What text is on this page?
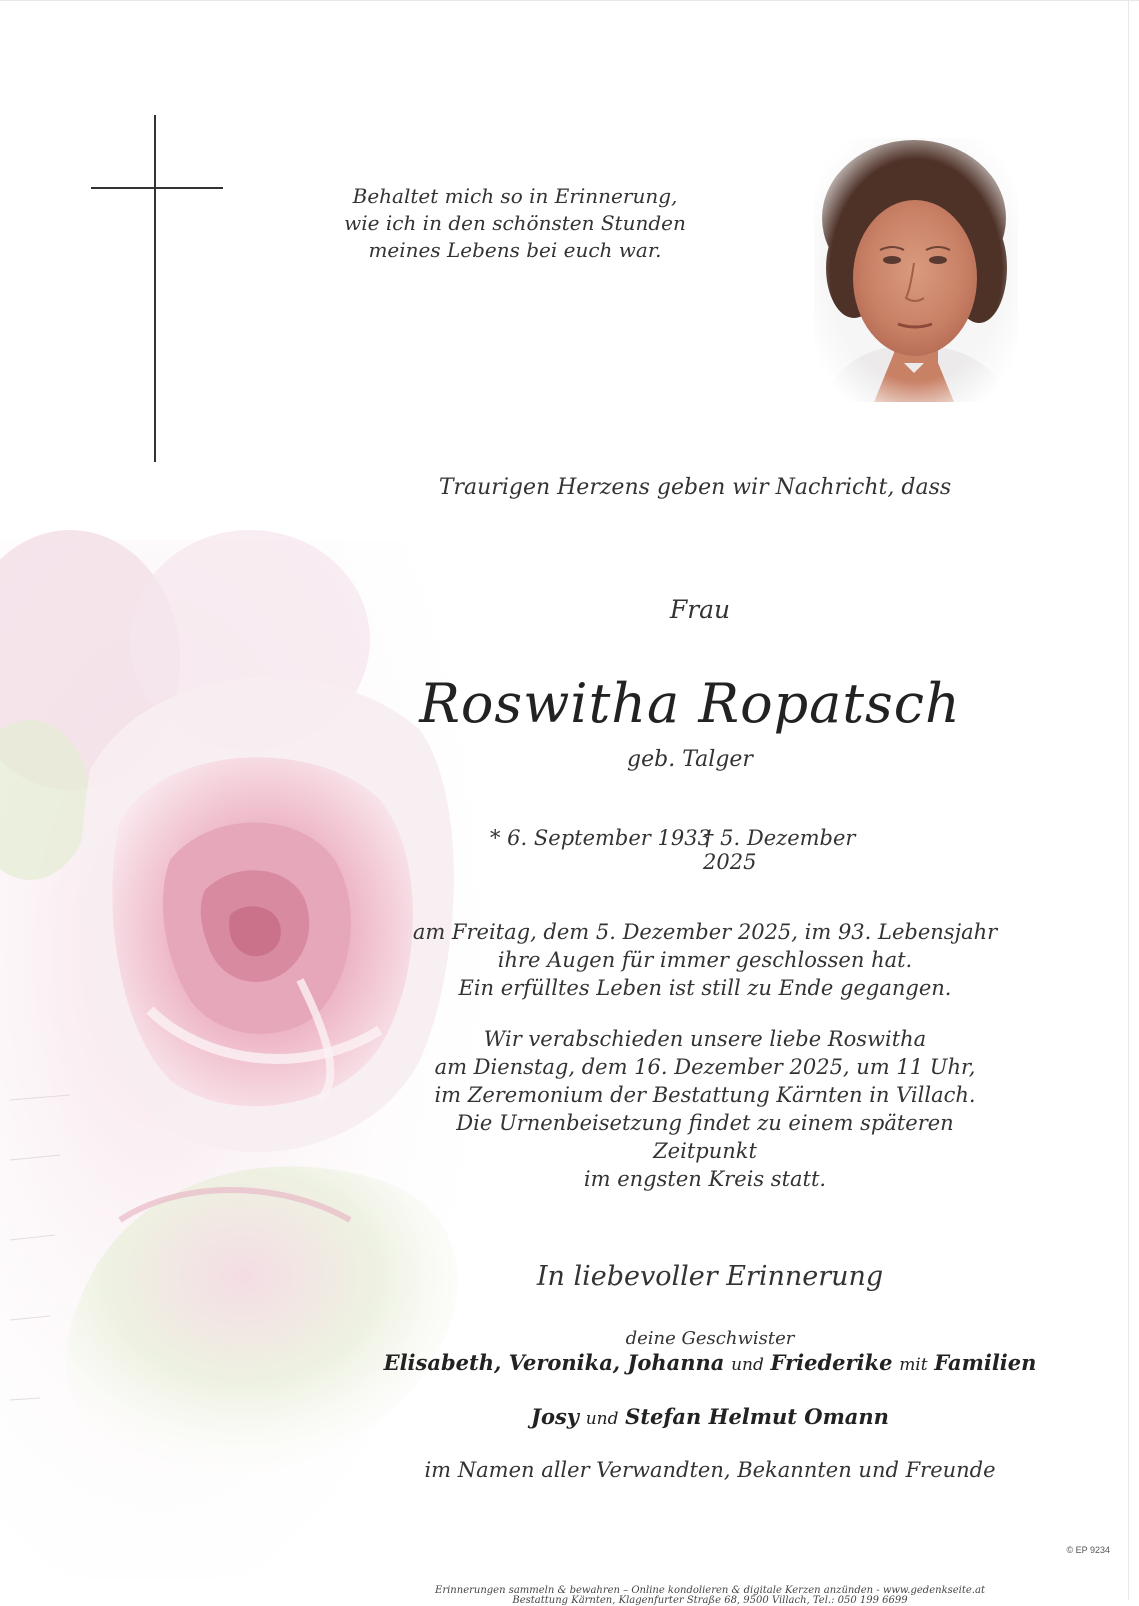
Behaltet mich so in Erinnerung,
wie ich in den schönsten Stunden
meines Lebens bei euch war.
Traurigen Herzens geben wir Nachricht, dass
Frau
Roswitha Ropatsch
geb. Talger
* 6. September 1933
† 5. Dezember 2025
am Freitag, dem 5. Dezember 2025, im 93. Lebensjahr
ihre Augen für immer geschlossen hat.
Ein erfülltes Leben ist still zu Ende gegangen.
Wir verabschieden unsere liebe Roswitha
am Dienstag, dem 16. Dezember 2025, um 11 Uhr,
im Zeremonium der Bestattung Kärnten in Villach.
Die Urnenbeisetzung findet zu einem späteren Zeitpunkt
im engsten Kreis statt.
In liebevoller Erinnerung
deine Geschwister
Elisabeth, Veronika, Johanna und Friederike mit Familien
Josy und Stefan Helmut Omann
im Namen aller Verwandten, Bekannten und Freunde
© EP 9234
Erinnerungen sammeln & bewahren – Online kondolieren & digitale Kerzen anzünden - www.gedenkseite.at
Bestattung Kärnten, Klagenfurter Straße 68, 9500 Villach, Tel.: 050 199 6699
